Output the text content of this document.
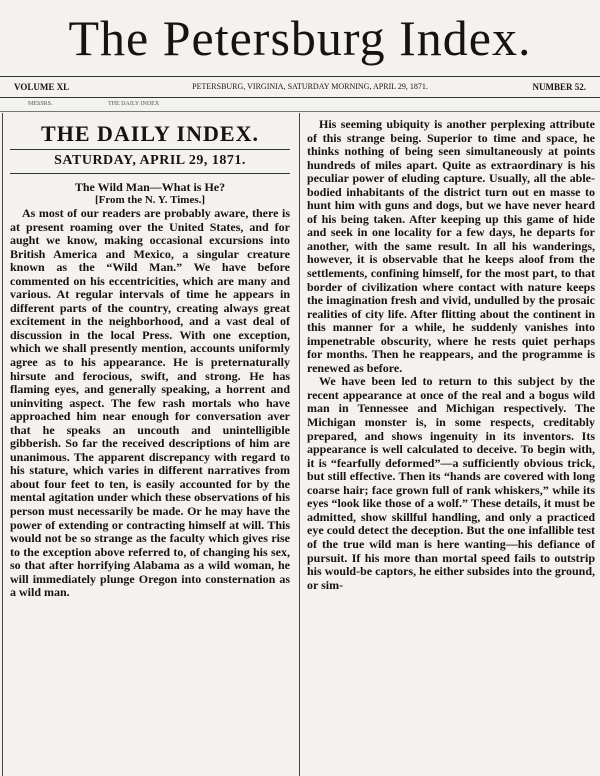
The Petersburg Index.
VOLUME XL	PETERSBURG, VIRGINIA, SATURDAY MORNING, APRIL 29, 1871.	NUMBER 52.
MESSRS.	THE DAILY INDEX
THE DAILY INDEX.
SATURDAY, APRIL 29, 1871.
The Wild Man—What is He?
[From the N. Y. Times.]

As most of our readers are probably aware, there is at present roaming over the United States, and for aught we know, making occasional excursions into British America and Mexico, a singular creature known as the “Wild Man.” We have before commented on his eccentricities, which are many and various. At regular intervals of time he appears in different parts of the country, creating always great excitement in the neighborhood, and a vast deal of discussion in the local Press. With one exception, which we shall presently mention, accounts uniformly agree as to his appearance. He is preternaturally hirsute and ferocious, swift, and strong. He has flaming eyes, and generally speaking, a horrent and uninviting aspect. The few rash mortals who have approached him near enough for conversation aver that he speaks an uncouth and unintelligible gibberish. So far the received descriptions of him are unanimous. The apparent discrepancy with regard to his stature, which varies in different narratives from about four feet to ten, is easily accounted for by the mental agitation under which these observations of his person must necessarily be made. Or he may have the power of extending or contracting himself at will. This would not be so strange as the faculty which gives rise to the exception above referred to, of changing his sex, so that after horrifying Alabama as a wild woman, he will immediately plunge Oregon into consternation as a wild man.

His seeming ubiquity is another perplexing attribute of this strange being. Superior to time and space, he thinks nothing of being seen simultaneously at points hundreds of miles apart. Quite as extraordinary is his peculiar power of eluding capture. Usually, all the able-bodied inhabitants of the district turn out en masse to hunt him with guns and dogs, but we have never heard of his being taken. After keeping up this game of hide and seek in one locality for a few days, he departs for another, with the same result. In all his wanderings, however, it is observable that he keeps aloof from the settlements, confining himself, for the most part, to that border of civilization where contact with nature keeps the imagination fresh and vivid, undulled by the prosaic realities of city life. After flitting about the continent in this manner for a while, he suddenly vanishes into impenetrable obscurity, where he rests quiet perhaps for months. Then he reappears, and the programme is renewed as before.

We have been led to return to this subject by the recent appearance at once of the real and a bogus wild man in Tennessee and Michigan respectively. The Michigan monster is, in some respects, creditably prepared, and shows ingenuity in its inventors. Its appearance is well calculated to deceive. To begin with, it is “fearfully deformed”—a sufficiently obvious trick, but still effective. Then its “hands are covered with long coarse hair; face grown full of rank whiskers,” while its eyes “look like those of a wolf.” These details, it must be admitted, show skillful handling, and only a practiced eye could detect the deception. But the one infallible test of the true wild man is here wanting—his defiance of pursuit. If his more than mortal speed fails to outstrip his would-be captors, he either subsides into the ground, or sim-
